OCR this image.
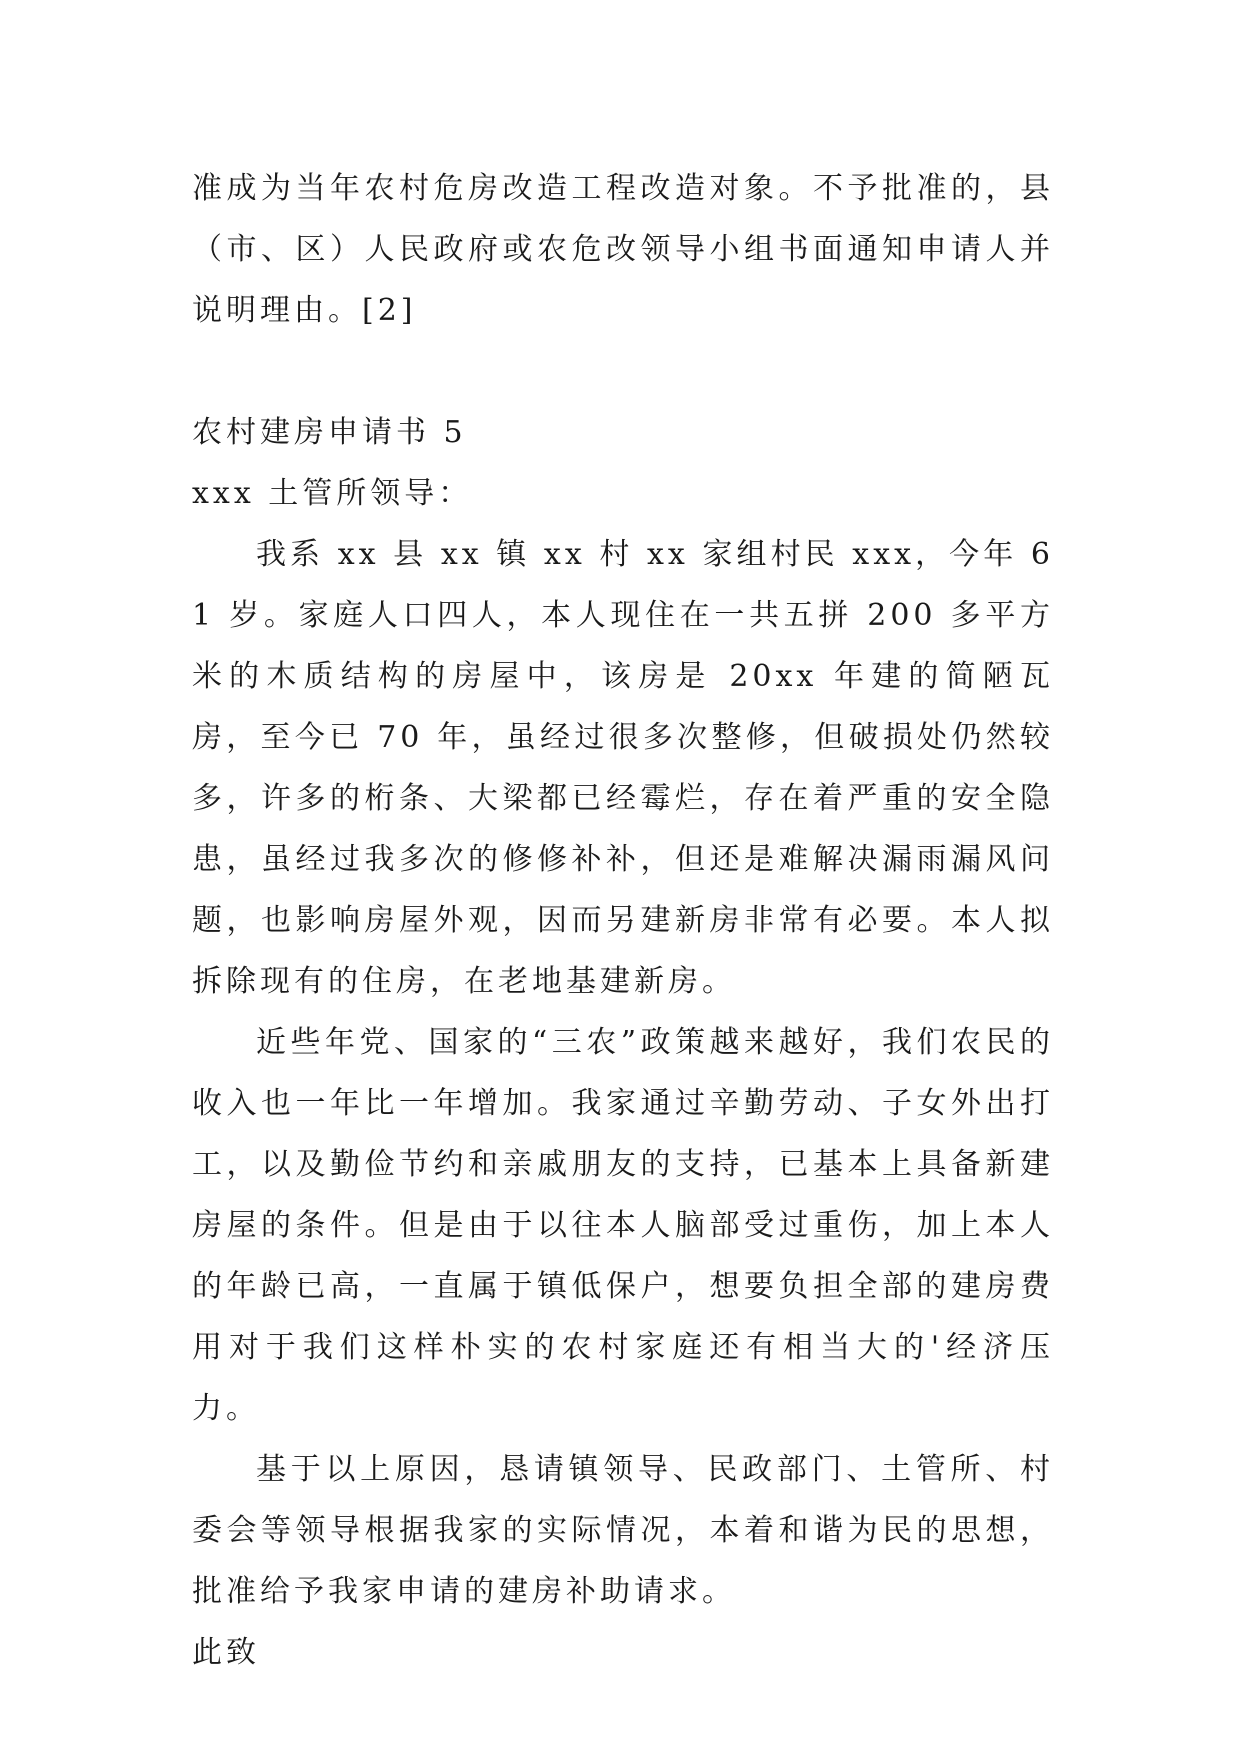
准成为当年农村危房改造工程改造对象。不予批准的，县（市、区）人民政府或农危改领导小组书面通知申请人并说明理由。[2]

农村建房申请书 5

xxx 土管所领导：

我系 xx 县 xx 镇 xx 村 xx 家组村民 xxx，今年 61 岁。家庭人口四人，本人现住在一共五拼 200 多平方米的木质结构的房屋中，该房是 20xx 年建的简陋瓦房，至今已 70 年，虽经过很多次整修，但破损处仍然较多，许多的桁条、大梁都已经霉烂，存在着严重的安全隐患，虽经过我多次的修修补补，但还是难解决漏雨漏风问题，也影响房屋外观，因而另建新房非常有必要。本人拟拆除现有的住房，在老地基建新房。

近些年党、国家的“三农”政策越来越好，我们农民的收入也一年比一年增加。我家通过辛勤劳动、子女外出打工，以及勤俭节约和亲戚朋友的支持，已基本上具备新建房屋的条件。但是由于以往本人脑部受过重伤，加上本人的年龄已高，一直属于镇低保户，想要负担全部的建房费用对于我们这样朴实的农村家庭还有相当大的'经济压力。

基于以上原因，恳请镇领导、民政部门、土管所、村委会等领导根据我家的实际情况，本着和谐为民的思想，批准给予我家申请的建房补助请求。

此致
